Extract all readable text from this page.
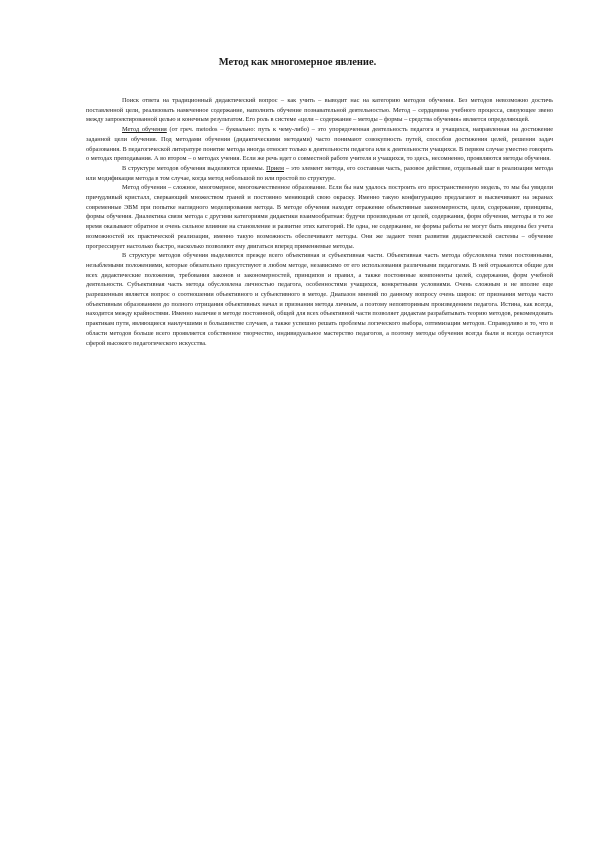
Метод как многомерное явление.

Поиск ответа на традиционный дидактический вопрос – как учить – выводит нас на категорию методов обучения. Без методов невозможно достичь поставленной цели, реализовать намеченное содержание, наполнить обучение познавательной деятельностью. Метод – сердцевина учебного процесса, связующее звено между запроектированной целью и конечным результатом. Его роль в системе «цели – содержание – методы – формы – средства обучения» является определяющей.

Метод обучения (от греч. metodos – буквально: путь к чему-либо) – это упорядоченная деятельность педагога и учащихся, направленная на достижение заданной цели обучения. Под методами обучения (дидактическими методами) часто понимают совокупность путей, способов достижения целей, решения задач образования. В педагогической литературе понятие метода иногда относят только к деятельности педагога или к деятельности учащихся. В первом случае уместно говорить о методах преподавания. А во втором – о методах учения. Если же речь идет о совместной работе учителя и учащихся, то здесь, несомненно, проявляются методы обучения.

В структуре методов обучения выделяются приемы. Прием – это элемент метода, его составная часть, разовое действие, отдельный шаг в реализации метода или модификация метода в том случае, когда метод небольшой по или простой по структуре.

Метод обучения – сложное, многомерное, многокачественное образование. Если бы нам удалось построить его пространственную модель, то мы бы увидели причудливый кристалл, сверкающий множеством граней и постоянно меняющий свою окраску. Именно такую конфигурацию предлагают и высвечивают на экранах современные ЭВМ при попытке наглядного моделирования метода. В методе обучения находят отражение объективные закономерности, цели, содержание, принципы, формы обучения. Диалектика связи метода с другими категориями дидактики взаимообратная: будучи производным от целей, содержания, форм обучения, методы в то же время оказывают обратное и очень сильное влияние на становление и развитие этих категорий. Не одна, не содержание, не формы работы не могут быть введены без учета возможностей их практической реализации, именно такую возможность обеспечивают методы. Они же задают темп развития дидактической системы – обучение прогрессирует настолько быстро, насколько позволяют ему двигаться вперед применяемые методы.

В структуре методов обучения выделяются прежде всего объективная и субъективная части. Объективная часть метода обусловлена теми постоянными, незыблемыми положениями, которые обязательно присутствуют в любом методе, независимо от его использования различными педагогами. В ней отражаются общие для всех дидактические положения, требования законов и закономерностей, принципов и правил, а также постоянные компоненты целей, содержания, форм учебной деятельности. Субъективная часть метода обусловлена личностью педагога, особенностями учащихся, конкретными условиями. Очень сложным и не вполне еще разрешенным является вопрос о соотношении объективного и субъективного в методе. Диапазон мнений по данному вопросу очень широк: от признания метода часто объективным образованием до полного отрицания объективных начал и признания метода личным, а поэтому неповторимым произведением педагога. Истина, как всегда, находится между крайностями. Именно наличие в методе постоянной, общей для всех объективной части позволяет дидактам разрабатывать теорию методов, рекомендовать практикам пути, являющиеся наилучшими в большинстве случаев, а также успешно решать проблемы логического выбора, оптимизации методов. Справедливо и то, что в области методов больше всего проявляется собственное творчество, индивидуальное мастерство педагогов, а поэтому методы обучения всегда были и всегда останутся сферой высокого педагогического искусства.
